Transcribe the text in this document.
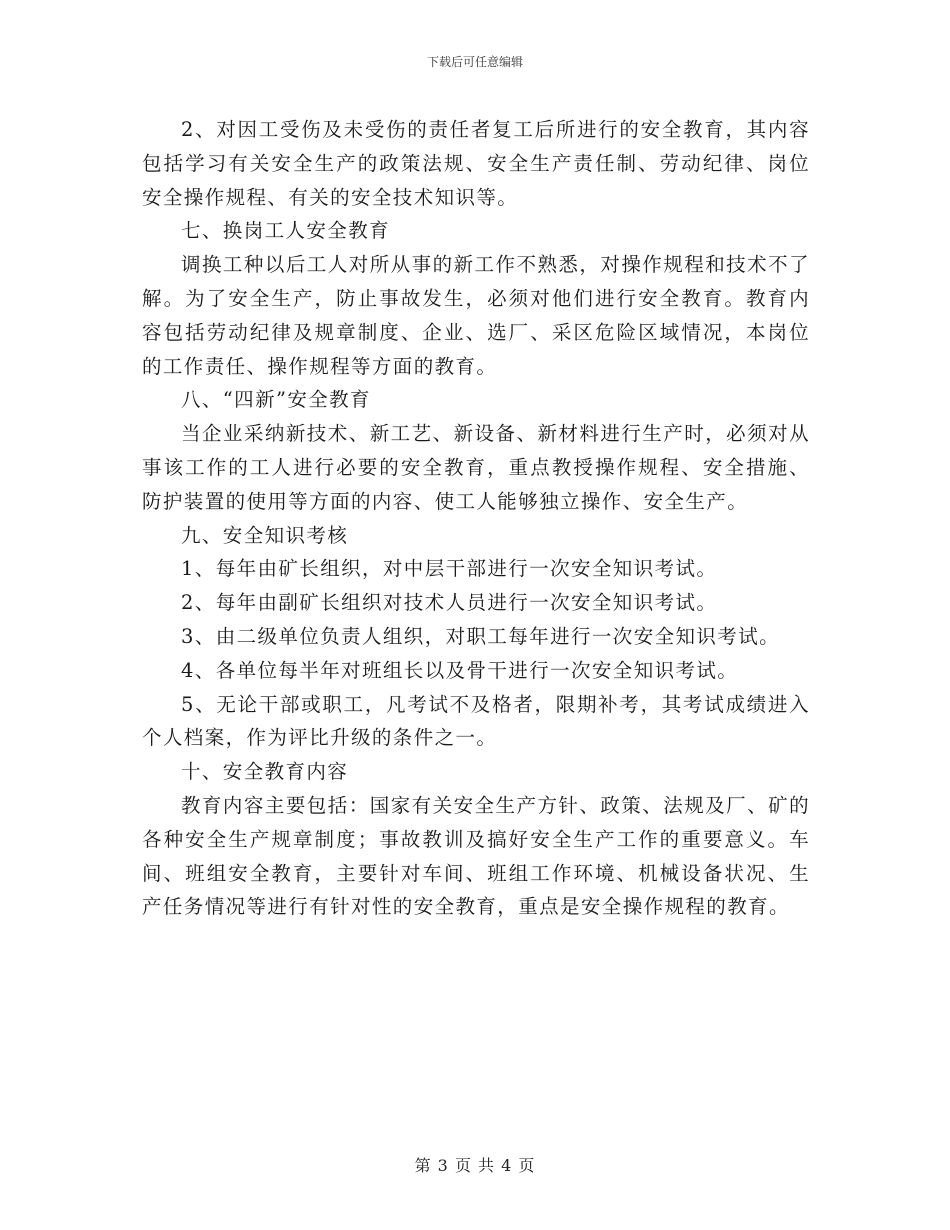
下载后可任意编辑

2、对因工受伤及未受伤的责任者复工后所进行的安全教育，其内容包括学习有关安全生产的政策法规、安全生产责任制、劳动纪律、岗位安全操作规程、有关的安全技术知识等。

七、换岗工人安全教育

调换工种以后工人对所从事的新工作不熟悉，对操作规程和技术不了解。为了安全生产，防止事故发生，必须对他们进行安全教育。教育内容包括劳动纪律及规章制度、企业、选厂、采区危险区域情况，本岗位的工作责任、操作规程等方面的教育。

八、“四新”安全教育

当企业采纳新技术、新工艺、新设备、新材料进行生产时，必须对从事该工作的工人进行必要的安全教育，重点教授操作规程、安全措施、防护装置的使用等方面的内容、使工人能够独立操作、安全生产。

九、安全知识考核

1、每年由矿长组织，对中层干部进行一次安全知识考试。

2、每年由副矿长组织对技术人员进行一次安全知识考试。

3、由二级单位负责人组织，对职工每年进行一次安全知识考试。

4、各单位每半年对班组长以及骨干进行一次安全知识考试。

5、无论干部或职工，凡考试不及格者，限期补考，其考试成绩进入个人档案，作为评比升级的条件之一。

十、安全教育内容

教育内容主要包括：国家有关安全生产方针、政策、法规及厂、矿的各种安全生产规章制度；事故教训及搞好安全生产工作的重要意义。车间、班组安全教育，主要针对车间、班组工作环境、机械设备状况、生产任务情况等进行有针对性的安全教育，重点是安全操作规程的教育。

第 3 页 共 4 页
